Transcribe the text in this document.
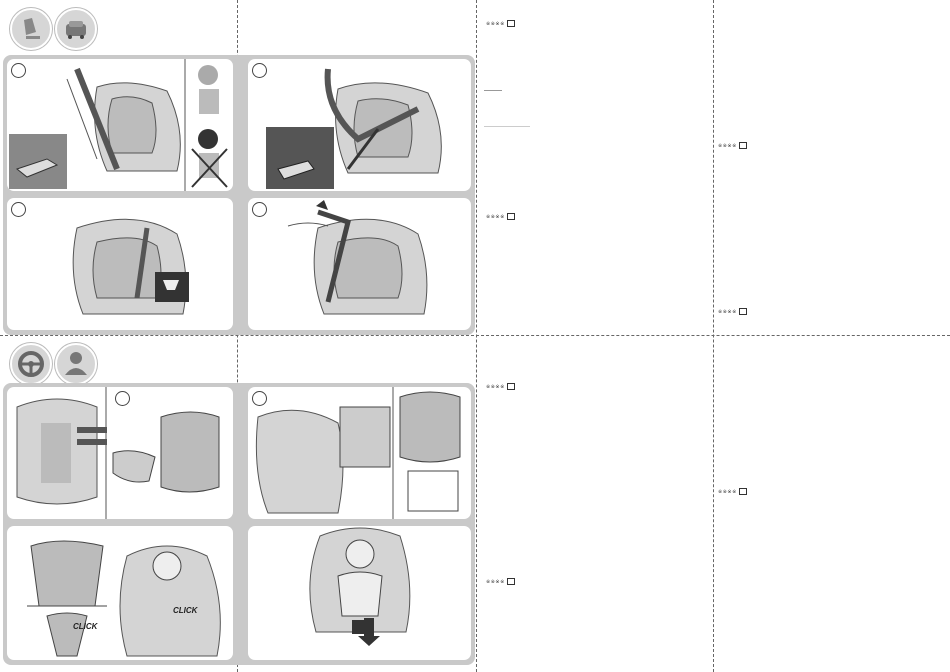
CLICK
CLICK
※※※※
※※※※
※※※※
※※※※
※※※※
※※※※
※※※※
